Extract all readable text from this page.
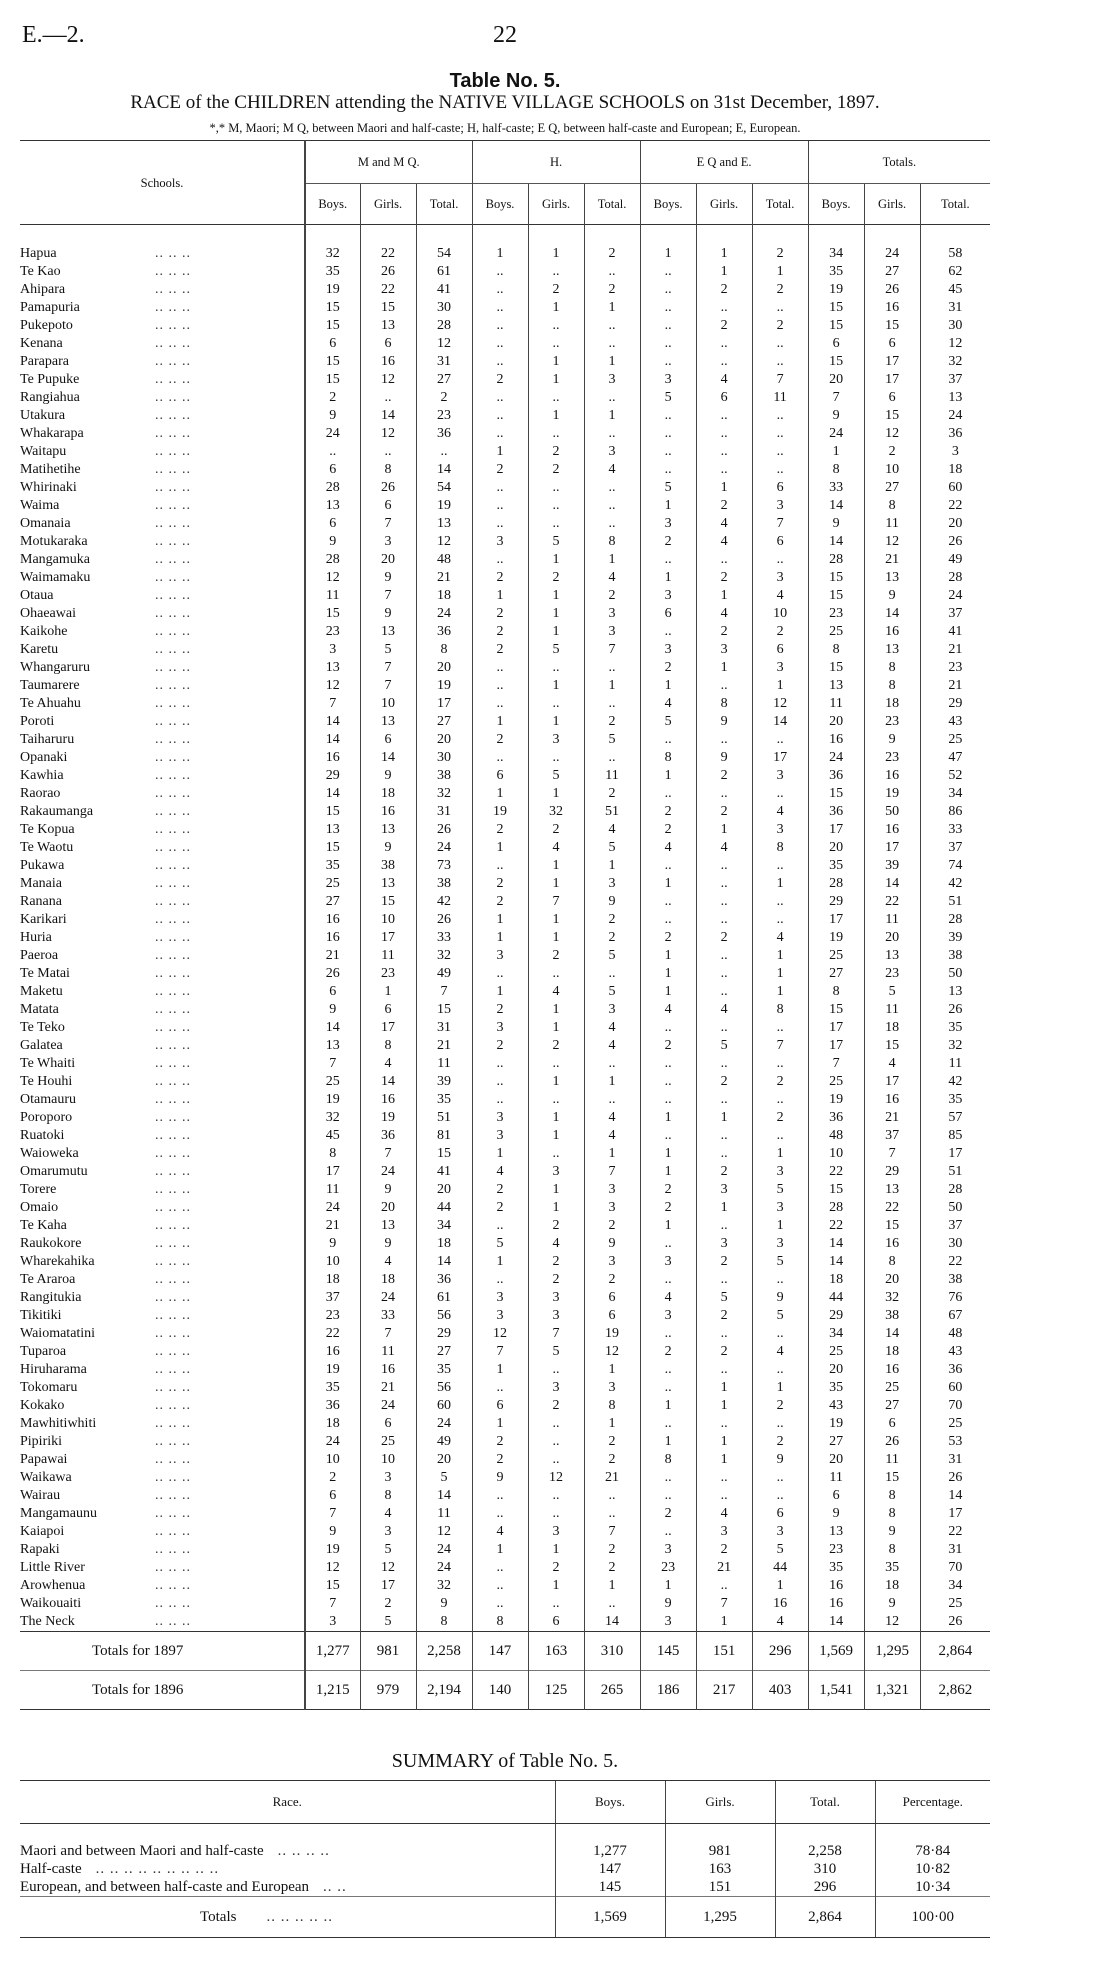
E.—2.	22
Table No. 5.
RACE of the CHILDREN attending the NATIVE VILLAGE SCHOOLS on 31st December, 1897.
*,* M, Maori; M Q, between Maori and half-caste; H, half-caste; E Q, between half-caste and European; E, European.
Schools.	M and M Q.			H.			E Q and E.			Totals.		
	Boys.	Girls.	Total.	Boys.	Girls.	Total.	Boys.	Girls.	Total.	Boys.	Girls.	Total.

Hapua .. .. ..	32	22	54	1	1	2	1	1	2	34	24	58
Te Kao .. .. ..	35	26	61	..	..	..	..	1	1	35	27	62
Ahipara .. .. ..	19	22	41	..	2	2	..	2	2	19	26	45
Pamapuria .. .. ..	15	15	30	..	1	1	..	..	..	15	16	31
Pukepoto .. .. ..	15	13	28	..	..	..	..	2	2	15	15	30
Kenana .. .. ..	6	6	12	..	..	..	..	..	..	6	6	12
Parapara .. .. ..	15	16	31	..	1	1	..	..	..	15	17	32
Te Pupuke .. .. ..	15	12	27	2	1	3	3	4	7	20	17	37
Rangiahua .. .. ..	2	..	2	..	..	..	5	6	11	7	6	13
Utakura .. .. ..	9	14	23	..	1	1	..	..	..	9	15	24
Whakarapa .. .. ..	24	12	36	..	..	..	..	..	..	24	12	36
Waitapu .. .. ..	..	..	..	1	2	3	..	..	..	1	2	3
Matihetihe .. .. ..	6	8	14	2	2	4	..	..	..	8	10	18
Whirinaki .. .. ..	28	26	54	..	..	..	5	1	6	33	27	60
Waima .. .. ..	13	6	19	..	..	..	1	2	3	14	8	22
Omanaia .. .. ..	6	7	13	..	..	..	3	4	7	9	11	20
Motukaraka .. .. ..	9	3	12	3	5	8	2	4	6	14	12	26
Mangamuka .. .. ..	28	20	48	..	1	1	..	..	..	28	21	49
Waimamaku .. .. ..	12	9	21	2	2	4	1	2	3	15	13	28
Otaua .. .. ..	11	7	18	1	1	2	3	1	4	15	9	24
Ohaeawai .. .. ..	15	9	24	2	1	3	6	4	10	23	14	37
Kaikohe .. .. ..	23	13	36	2	1	3	..	2	2	25	16	41
Karetu .. .. ..	3	5	8	2	5	7	3	3	6	8	13	21
Whangaruru .. .. ..	13	7	20	..	..	..	2	1	3	15	8	23
Taumarere .. .. ..	12	7	19	..	1	1	1	..	1	13	8	21
Te Ahuahu .. .. ..	7	10	17	..	..	..	4	8	12	11	18	29
Poroti .. .. ..	14	13	27	1	1	2	5	9	14	20	23	43
Taiharuru .. .. ..	14	6	20	2	3	5	..	..	..	16	9	25
Opanaki .. .. ..	16	14	30	..	..	..	8	9	17	24	23	47
Kawhia .. .. ..	29	9	38	6	5	11	1	2	3	36	16	52
Raorao .. .. ..	14	18	32	1	1	2	..	..	..	15	19	34
Rakaumanga .. .. ..	15	16	31	19	32	51	2	2	4	36	50	86
Te Kopua .. .. ..	13	13	26	2	2	4	2	1	3	17	16	33
Te Waotu .. .. ..	15	9	24	1	4	5	4	4	8	20	17	37
Pukawa .. .. ..	35	38	73	..	1	1	..	..	..	35	39	74
Manaia .. .. ..	25	13	38	2	1	3	1	..	1	28	14	42
Ranana .. .. ..	27	15	42	2	7	9	..	..	..	29	22	51
Karikari .. .. ..	16	10	26	1	1	2	..	..	..	17	11	28
Huria .. .. ..	16	17	33	1	1	2	2	2	4	19	20	39
Paeroa .. .. ..	21	11	32	3	2	5	1	..	1	25	13	38
Te Matai .. .. ..	26	23	49	..	..	..	1	..	1	27	23	50
Maketu .. .. ..	6	1	7	1	4	5	1	..	1	8	5	13
Matata .. .. ..	9	6	15	2	1	3	4	4	8	15	11	26
Te Teko .. .. ..	14	17	31	3	1	4	..	..	..	17	18	35
Galatea .. .. ..	13	8	21	2	2	4	2	5	7	17	15	32
Te Whaiti .. .. ..	7	4	11	..	..	..	..	..	..	7	4	11
Te Houhi .. .. ..	25	14	39	..	1	1	..	2	2	25	17	42
Otamauru .. .. ..	19	16	35	..	..	..	..	..	..	19	16	35
Poroporo .. .. ..	32	19	51	3	1	4	1	1	2	36	21	57
Ruatoki .. .. ..	45	36	81	3	1	4	..	..	..	48	37	85
Waioweka .. .. ..	8	7	15	1	..	1	1	..	1	10	7	17
Omarumutu .. .. ..	17	24	41	4	3	7	1	2	3	22	29	51
Torere .. .. ..	11	9	20	2	1	3	2	3	5	15	13	28
Omaio .. .. ..	24	20	44	2	1	3	2	1	3	28	22	50
Te Kaha .. .. ..	21	13	34	..	2	2	1	..	1	22	15	37
Raukokore .. .. ..	9	9	18	5	4	9	..	3	3	14	16	30
Wharekahika .. .. ..	10	4	14	1	2	3	3	2	5	14	8	22
Te Araroa .. .. ..	18	18	36	..	2	2	..	..	..	18	20	38
Rangitukia .. .. ..	37	24	61	3	3	6	4	5	9	44	32	76
Tikitiki .. .. ..	23	33	56	3	3	6	3	2	5	29	38	67
Waiomatatini .. .. ..	22	7	29	12	7	19	..	..	..	34	14	48
Tuparoa .. .. ..	16	11	27	7	5	12	2	2	4	25	18	43
Hiruharama .. .. ..	19	16	35	1	..	1	..	..	..	20	16	36
Tokomaru .. .. ..	35	21	56	..	3	3	..	1	1	35	25	60
Kokako .. .. ..	36	24	60	6	2	8	1	1	2	43	27	70
Mawhitiwhiti .. .. ..	18	6	24	1	..	1	..	..	..	19	6	25
Pipiriki .. .. ..	24	25	49	2	..	2	1	1	2	27	26	53
Papawai .. .. ..	10	10	20	2	..	2	8	1	9	20	11	31
Waikawa .. .. ..	2	3	5	9	12	21	..	..	..	11	15	26
Wairau .. .. ..	6	8	14	..	..	..	..	..	..	6	8	14
Mangamaunu .. .. ..	7	4	11	..	..	..	2	4	6	9	8	17
Kaiapoi .. .. ..	9	3	12	4	3	7	..	3	3	13	9	22
Rapaki .. .. ..	19	5	24	1	1	2	3	2	5	23	8	31
Little River .. .. ..	12	12	24	..	2	2	23	21	44	35	35	70
Arowhenua .. .. ..	15	17	32	..	1	1	1	..	1	16	18	34
Waikouaiti .. .. ..	7	2	9	..	..	..	9	7	16	16	9	25
The Neck .. .. ..	3	5	8	8	6	14	3	1	4	14	12	26
Totals for 1897	1,277	981	2,258	147	163	310	145	151	296	1,569	1,295	2,864
Totals for 1896	1,215	979	2,194	140	125	265	186	217	403	1,541	1,321	2,862

SUMMARY of Table No. 5.
Race.	Boys.	Girls.	Total.	Percentage.

Maori and between Maori and half-caste .. .. .. ..	1,277	981	2,258	78·84
Half-caste .. .. .. .. .. .. .. .. ..	147	163	310	10·82
European, and between half-caste and European .. ..	145	151	296	10·34
Totals .. .. .. .. ..	1,569	1,295	2,864	100·00
